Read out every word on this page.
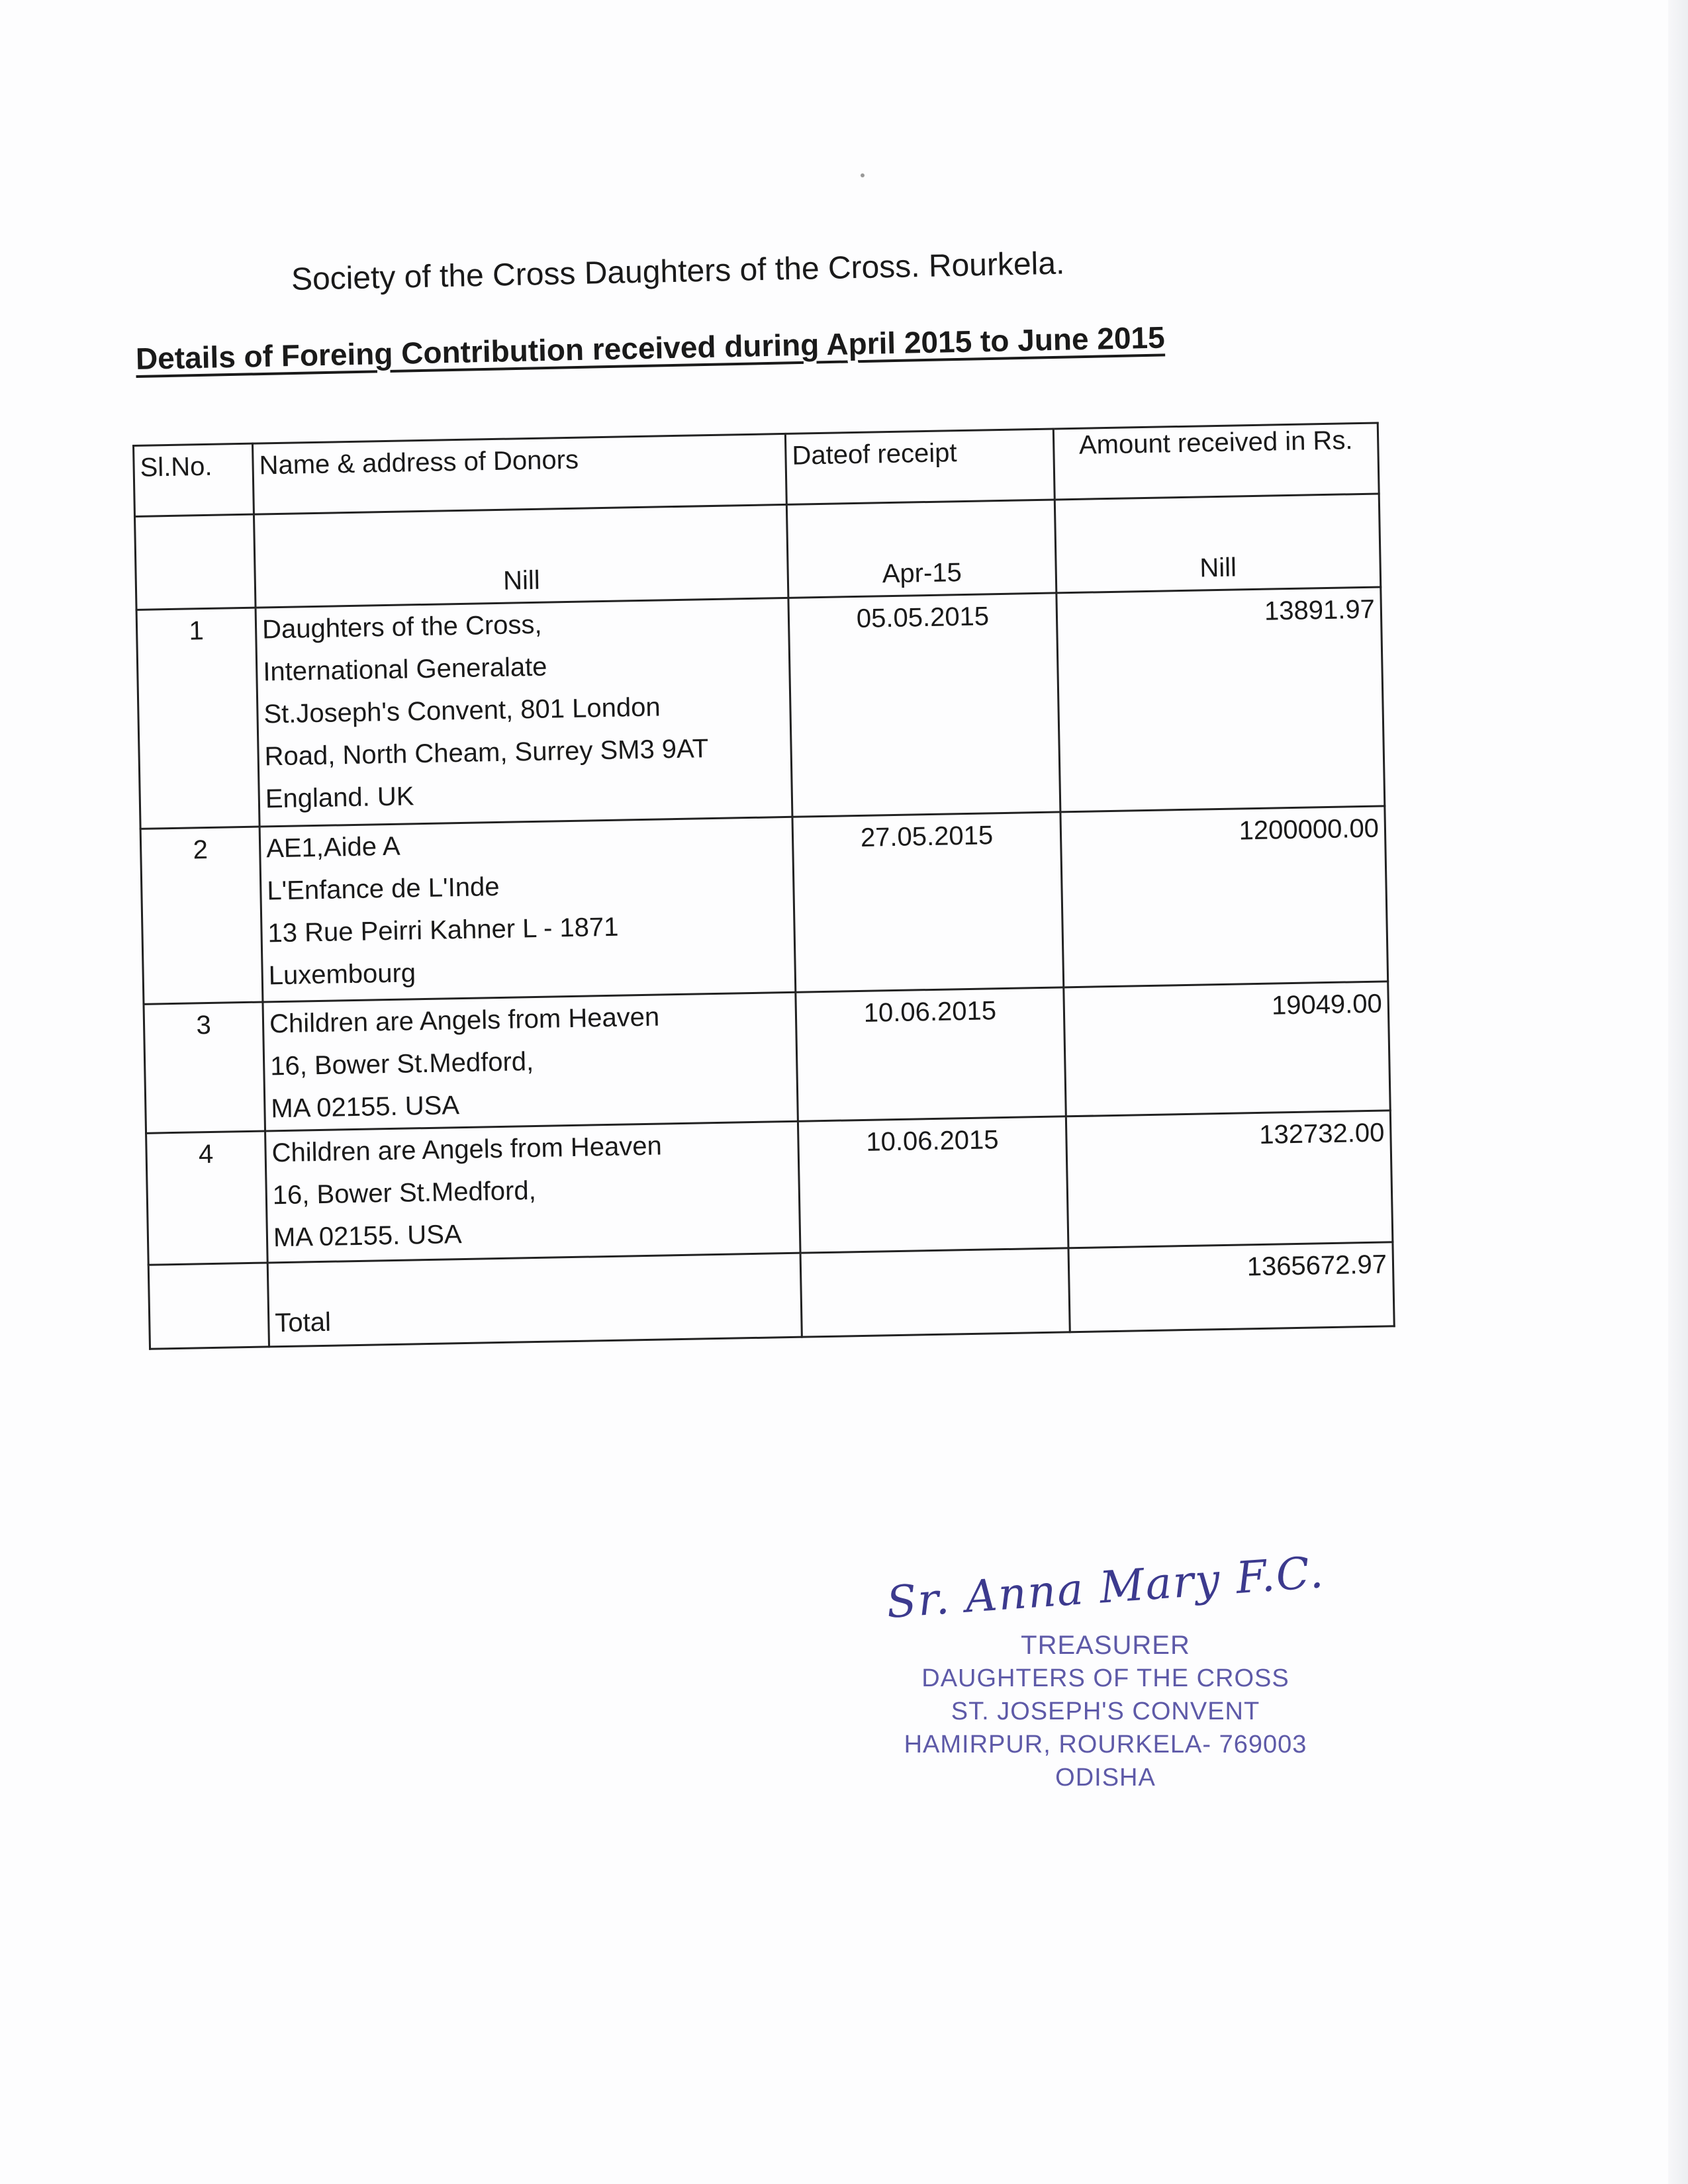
Society of the Cross Daughters of the Cross. Rourkela.
Details of Foreing Contribution received during April 2015 to June 2015
Sl.No.	Name & address of Donors	Dateof receipt	Amount received in Rs.
	Nill	Apr-15	Nill
1	Daughters of the Cross,
International Generalate
St.Joseph's Convent, 801 London
Road, North Cheam, Surrey SM3 9AT
England. UK	05.05.2015	13891.97
2	AE1,Aide A
L'Enfance de L'Inde
13 Rue Peirri Kahner L - 1871
Luxembourg	27.05.2015	1200000.00
3	Children are Angels from Heaven
16, Bower St.Medford,
MA 02155. USA	10.06.2015	19049.00
4	Children are Angels from Heaven
16, Bower St.Medford,
MA 02155. USA	10.06.2015	132732.00
	Total		1365672.97
Sr. Anna Mary F.C.
TREASURER
DAUGHTERS OF THE CROSS
ST. JOSEPH'S CONVENT
HAMIRPUR, ROURKELA- 769003
ODISHA
